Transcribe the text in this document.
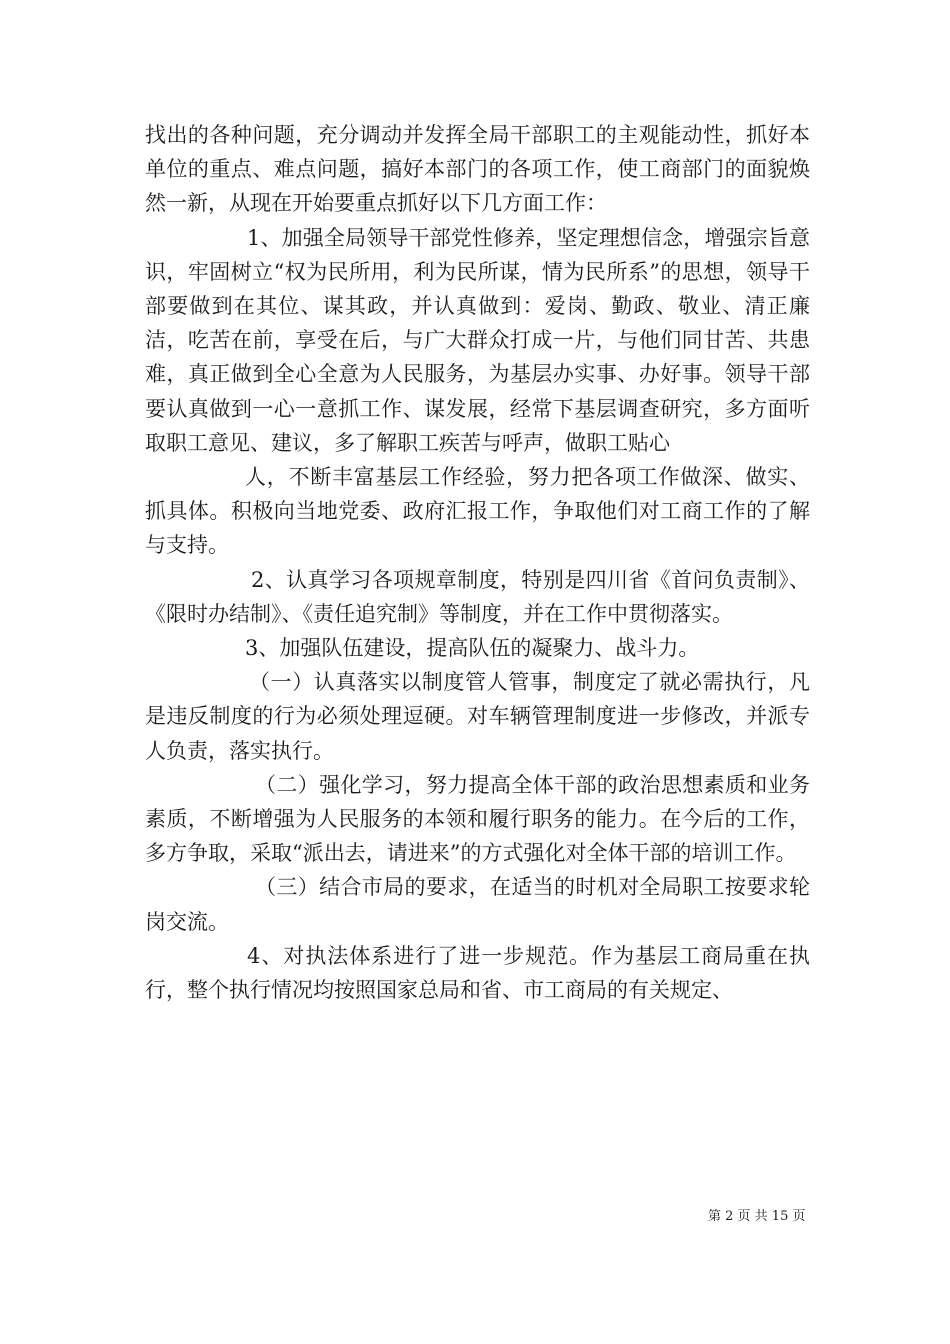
找出的各种问题，充分调动并发挥全局干部职工的主观能动性，抓好本单位的重点、难点问题，搞好本部门的各项工作，使工商部门的面貌焕然一新，从现在开始要重点抓好以下几方面工作：

1、加强全局领导干部党性修养，坚定理想信念，增强宗旨意识，牢固树立“权为民所用，利为民所谋，情为民所系”的思想，领导干部要做到在其位、谋其政，并认真做到：爱岗、勤政、敬业、清正廉洁，吃苦在前，享受在后，与广大群众打成一片，与他们同甘苦、共患难，真正做到全心全意为人民服务，为基层办实事、办好事。领导干部要认真做到一心一意抓工作、谋发展，经常下基层调查研究，多方面听取职工意见、建议，多了解职工疾苦与呼声，做职工贴心

人，不断丰富基层工作经验，努力把各项工作做深、做实、抓具体。积极向当地党委、政府汇报工作，争取他们对工商工作的了解与支持。

2、认真学习各项规章制度，特别是四川省《首问负责制》、《限时办结制》、《责任追究制》等制度，并在工作中贯彻落实。

3、加强队伍建设，提高队伍的凝聚力、战斗力。

（一）认真落实以制度管人管事，制度定了就必需执行，凡是违反制度的行为必须处理逗硬。对车辆管理制度进一步修改，并派专人负责，落实执行。

（二）强化学习，努力提高全体干部的政治思想素质和业务素质，不断增强为人民服务的本领和履行职务的能力。在今后的工作，多方争取，采取“派出去，请进来”的方式强化对全体干部的培训工作。

（三）结合市局的要求，在适当的时机对全局职工按要求轮岗交流。

4、对执法体系进行了进一步规范。作为基层工商局重在执行，整个执行情况均按照国家总局和省、市工商局的有关规定、

第 2 页 共 15 页
